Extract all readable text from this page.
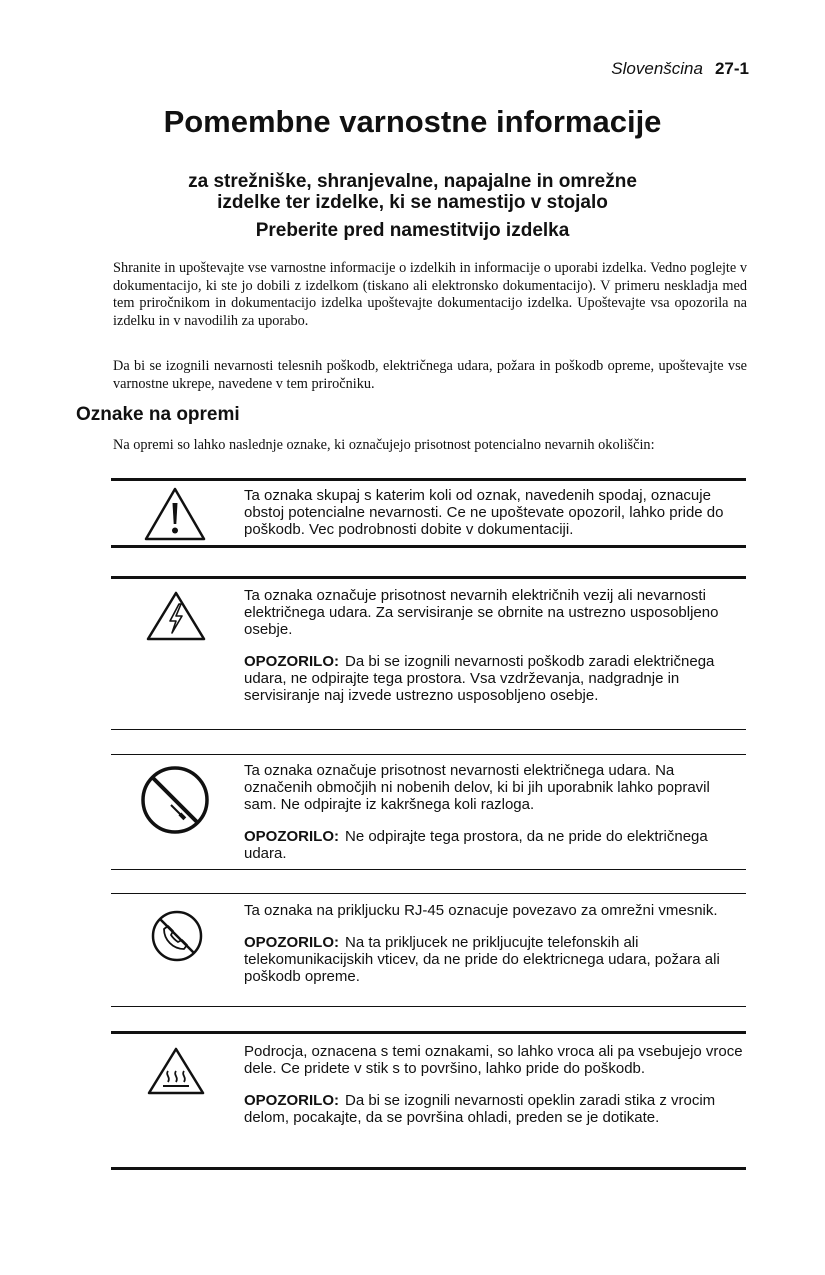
Slovenšcina 27-1
Pomembne varnostne informacije
za strežniške, shranjevalne, napajalne in omrežne
izdelke ter izdelke, ki se namestijo v stojalo
Preberite pred namestitvijo izdelka
Shranite in upoštevajte vse varnostne informacije o izdelkih in informacije o uporabi izdelka. Vedno poglejte v dokumentacijo, ki ste jo dobili z izdelkom (tiskano ali elektronsko dokumentacijo). V primeru neskladja med tem priročnikom in dokumentacijo izdelka upoštevajte dokumentacijo izdelka. Upoštevajte vsa opozorila na izdelku in v navodilih za uporabo.
Da bi se izognili nevarnosti telesnih poškodb, električnega udara, požara in poškodb opreme, upoštevajte vse varnostne ukrepe, navedene v tem priročniku.
Oznake na opremi
Na opremi so lahko naslednje oznake, ki označujejo prisotnost potencialno nevarnih okoliščin:

Ta oznaka skupaj s katerim koli od oznak, navedenih spodaj, oznacuje obstoj potencialne nevarnosti. Ce ne upoštevate opozoril, lahko pride do poškodb. Vec podrobnosti dobite v dokumentaciji.

Ta oznaka označuje prisotnost nevarnih električnih vezij ali nevarnosti električnega udara. Za servisiranje se obrnite na ustrezno usposobljeno osebje.

OPOZORILO: Da bi se izognili nevarnosti poškodb zaradi električnega udara, ne odpirajte tega prostora. Vsa vzdrževanja, nadgradnje in servisiranje naj izvede ustrezno usposobljeno osebje.

Ta oznaka označuje prisotnost nevarnosti električnega udara. Na označenih območjih ni nobenih delov, ki bi jih uporabnik lahko popravil sam. Ne odpirajte iz kakršnega koli razloga.

OPOZORILO: Ne odpirajte tega prostora, da ne pride do električnega udara.

Ta oznaka na prikljucku RJ-45 oznacuje povezavo za omrežni vmesnik.

OPOZORILO: Na ta prikljucek ne prikljucujte telefonskih ali telekomunikacijskih vticev, da ne pride do elektricnega udara, požara ali poškodb opreme.

Podrocja, oznacena s temi oznakami, so lahko vroca ali pa vsebujejo vroce dele. Ce pridete v stik s to površino, lahko pride do poškodb.

OPOZORILO: Da bi se izognili nevarnosti opeklin zaradi stika z vrocim delom, pocakajte, da se površina ohladi, preden se je dotikate.
